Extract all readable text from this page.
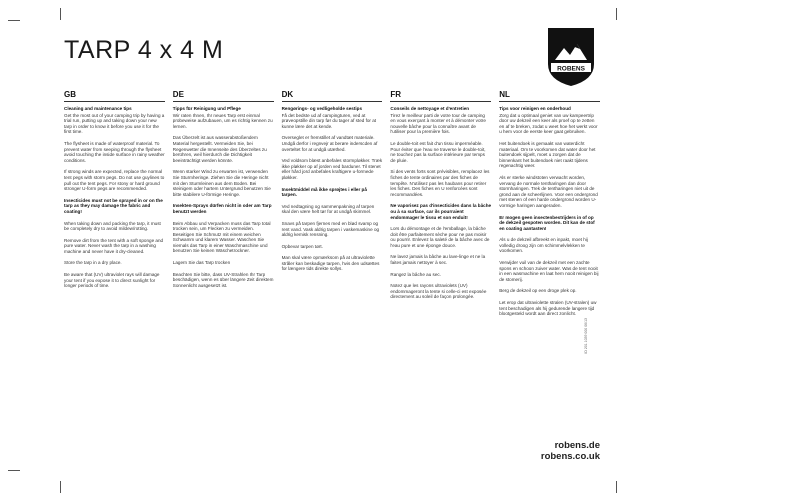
TARP 4 x 4 M
ROBENS
GB
Cleaning and maintenance tips
Get the most out of your camping trip by having a trial run, putting up and taking down your new tarp in order to know it before you use it for the first time.
The flysheet is made of waterproof material. To prevent water from seeping through the flysheet avoid touching the inside surface in rainy weather conditions.
If strong winds are expected, replace the normal tent pegs with storm pegs. Do not use guylines to pull out the tent pegs. For stony or hard ground stronger U-form pegs are recommended.
Insecticides must not be sprayed in or on the tarp as they may damage the fabric and coating!
When taking down and packing the tarp, it must be completely dry to avoid mildew/rotting.
Remove dirt from the tent with a soft sponge and pure water. Never wash the tarp in a washing machine and never have it dry-cleaned.
Store the tarp in a dry place.
Be aware that (UV) ultraviolet rays will damage your tent if you expose it to direct sunlight for longer periods of time.
DE
Tipps für Reinigung und Pflege
Wir raten Ihnen, Ihr neues Tarp erst einmal probeweise aufzubauen, um es richtig kennen zu lernen.
Das Überzelt ist aus wasserabstoßendem Material hergestellt. Vermeiden Sie, bei Regenwetter die Innenseite des Überzeltes zu berühren, weil hierdurch die Dichtigkeit beeinträchtigt werden könnte.
Wenn starker Wind zu erwarten ist, verwenden Sie Sturmheringe. Ziehen Sie die Heringe nicht mit den Sturmleinen aus dem Boden. Bei steinigem oder hartem Untergrund benutzen Sie bitte stabilere U-förmige Heringe.
Insekten-Sprays dürfen nicht in oder am Tarp benutzt werden
Beim Abbau und Verpacken muss das Tarp total trocken sein, um Flecken zu vermeiden. Beseitigen Sie Schmutz mit einem weichen Schwamm und klarem Wasser. Waschen Sie niemals das Tarp in einer Waschmaschine und benutzen Sie keinen Wäschetrockner.
Lagern Sie das Tarp trocken
Beachten Sie bitte, dass UV-Strahlen Ihr Tarp beschädigen, wenn es über längere Zeit direktem Sonnenlicht ausgesetzt ist.
DK
Rengørings- og vedligeholde sestips
Få det bedste ud af campingturen, ved at prøveopstille din tarp før du tager af sted for at kunne lære det at kende.
Overseglet er fremstillet af vandtæt materiale. Undgå derfor i regnvejr at berøre inderscden af overteltet for at undgå utæthed.
Ved voldsom blæst anbefales stormpløkker. Træk ikke pløkker op af jorden ved barduner. Til stenet eller hård jord anbefales kraftigere u-formede pløkker.
Insektmiddel må ikke sprøjtes i eller på tarpen.
Ved nedtagning og sammenpakning af tarpen skal den være helt tør for at undgå skimmel.
Snavs på tarpen fjernes med en blød svamp og rent vand. Vask aldrig tarpen i vaskemaskine og aldrig kemisk rensning.
Opbevar tarpen tørt.
Man skal være opmærksom på at ultraviolette stråler kan beskadige tarpen, hvis den udsættes for længere tids direkte sollys.
FR
Conseils de nettoyage et d'entretien
Tirez le meilleur parti de votre tour de camping en vous exerçant à monter et à démonter votre nouvelle bâche pour la connaître avant de l'utiliser pour la première fois.
Le double-toit est fait d'un tissu imperméable. Pour éviter que l'eau ne traverse le double-toit, ne touchez pas la surface intérieure par temps de pluie.
Si des vents forts sont prévisibles, remplacez les fiches de tente ordinaires par des fiches de tempête. N'utilisez pas les haubans pour retirer les fiches. Des fiches en U renforcées sont recommandées.
Ne vaporisez pas d'insecticides dans la bâche ou à sa surface, car ils pourraient endommager le tissu et son enduit!
Lors du démontage et de l'emballage, la bâche doit être parfaitement sèche pour ne pas moisir ou pourrir. Enlevez la saleté de la bâche avec de l'eau pure et une éponge douce.
Ne lavez jamais la bâche au lave-linge et ne la faites jamais nettoyer à sec.
Rangez la bâche au sec.
Notez que les rayons ultraviolets (UV) endommageront la tente si celle-ci est exposée directement au soleil de façon prolongée.
NL
Tips voor reinigen en onderhoud
Zorg dat u optimaal geniet van uw kampeertrip door uw dekzeil een keer als proef op te zetten en af te breken, zodat u weet hoe het werkt voor u hem voor de eerste keer gaat gebruiken.
Het buitendoek is gemaakt van waterdicht materiaal. Om te voorkomen dat water door het buitendoek sijpelt, moet u zorgen dat de binnenkant het buitendoek niet raakt tijdens regenachtig weer.
Als er sterke windstoten verwacht worden, vervang de normale tentharingen dan door stormharingen. Trek de tentharingen niet uit de grond aan de scheerlijnen. Voor een ondergrond met stenen of een harde ondergrond worden U-vormige haringen aangeraden.
Er mogen geen insectenbestrijders in of op de dekzeil gespoten worden. Dit kan de stof en coating aantasten!
Als u de dekzeil afbreekt en inpakt, moet hij volledig droog zijn om schimmelvlekken te voorkomen.
Verwijder vuil van de dekzeil met een zachte spons en schoon zuiver water. Was de tent nooit in een wasmachine en laat hem nooit reinigen bij de stomerij.
Berg de dekzeil op een droge plek op.
Let erop dat ultraviolette stralen (UV-stralen) uw tent beschadigen als hij gedurende langere tijd blootgesteld wordt aan direct zonlicht.
ID 201 1039 000 06/13
robens.de
robens.co.uk
